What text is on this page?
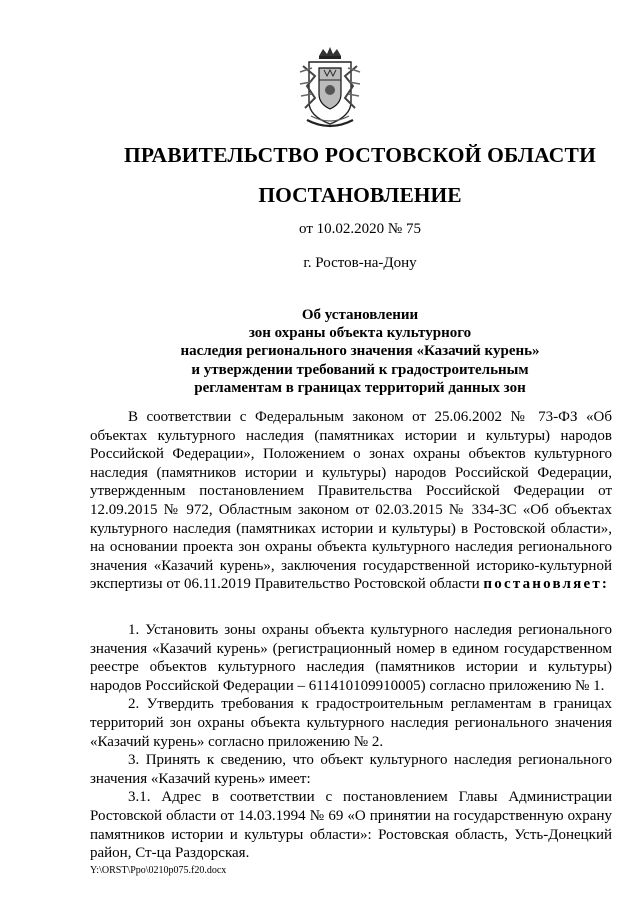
ПРАВИТЕЛЬСТВО РОСТОВСКОЙ ОБЛАСТИ
ПОСТАНОВЛЕНИЕ
от 10.02.2020 № 75
г. Ростов-на-Дону
Об установлении
зон охраны объекта культурного
наследия регионального значения «Казачий курень»
и утверждении требований к градостроительным
регламентам в границах территорий данных зон

В соответствии с Федеральным законом от 25.06.2002 № 73-ФЗ «Об объектах культурного наследия (памятниках истории и культуры) народов Российской Федерации», Положением о зонах охраны объектов культурного наследия (памятников истории и культуры) народов Российской Федерации, утвержденным постановлением Правительства Российской Федерации от 12.09.2015 № 972, Областным законом от 02.03.2015 № 334-ЗС «Об объектах культурного наследия (памятниках истории и культуры) в Ростовской области», на основании проекта зон охраны объекта культурного наследия регионального значения «Казачий курень», заключения государственной историко-культурной экспертизы от 06.11.2019 Правительство Ростовской области постановляет:

1. Установить зоны охраны объекта культурного наследия регионального значения «Казачий курень» (регистрационный номер в едином государственном реестре объектов культурного наследия (памятников истории и культуры) народов Российской Федерации – 611410109910005) согласно приложению № 1.

2. Утвердить требования к градостроительным регламентам в границах территорий зон охраны объекта культурного наследия регионального значения «Казачий курень» согласно приложению № 2.

3. Принять к сведению, что объект культурного наследия регионального значения «Казачий курень» имеет:

3.1. Адрес в соответствии с постановлением Главы Администрации Ростовской области от 14.03.1994 № 69 «О принятии на государственную охрану памятников истории и культуры области»: Ростовская область, Усть-Донецкий район, Ст-ца Раздорская.

Y:\ORST\Ppo\0210p075.f20.docx
